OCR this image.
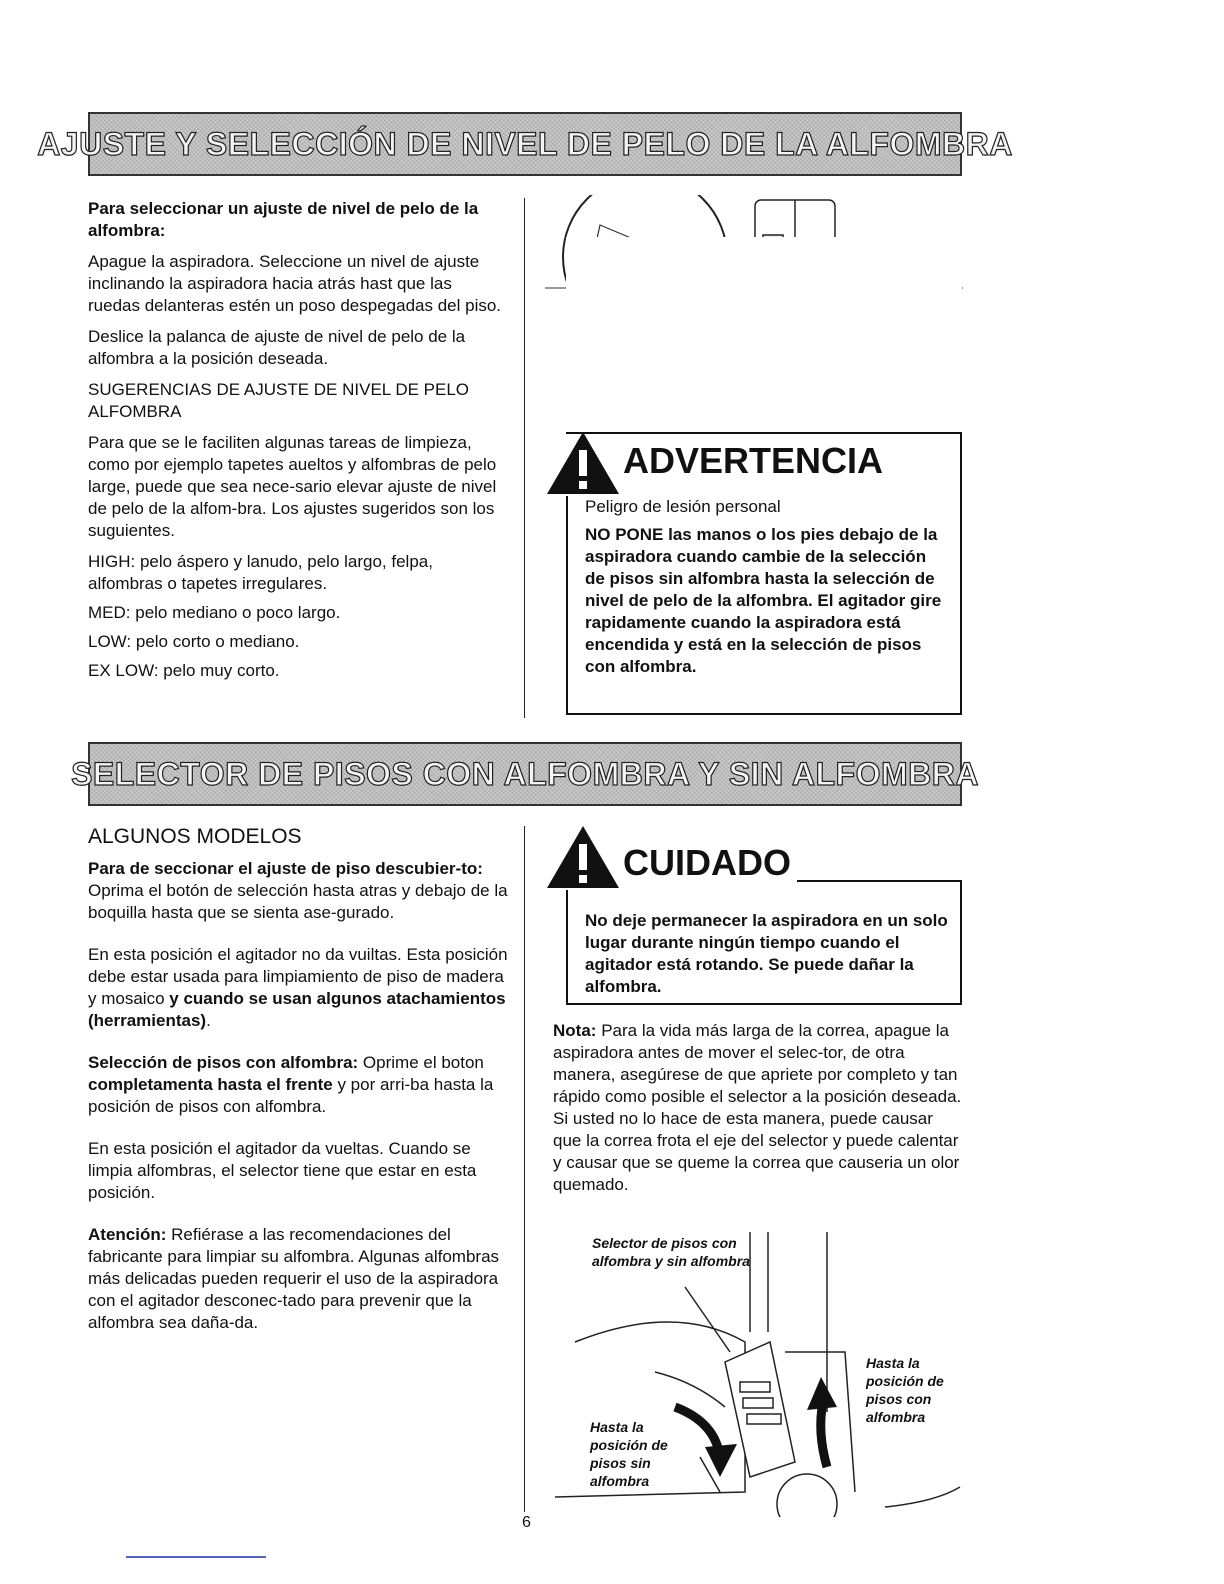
AJUSTE Y SELECCIÓN DE NIVEL DE PELO DE LA ALFOMBRA

Para seleccionar un ajuste de nivel de pelo de la alfombra:

Apague la aspiradora. Seleccione un nivel de ajuste inclinando la aspiradora hacia atrás hast que las ruedas delanteras estén un poso despegadas del piso.

Deslice la palanca de ajuste de nivel de pelo de la alfombra a la posición deseada.

SUGERENCIAS DE AJUSTE DE NIVEL DE PELO ALFOMBRA

Para que se le faciliten algunas tareas de limpieza, como por ejemplo tapetes aueltos y alfombras de pelo large, puede que sea nece-sario elevar ajuste de nivel de pelo de la alfom-bra. Los ajustes sugeridos son los suguientes.

HIGH: pelo áspero y lanudo, pelo largo, felpa, alfombras o tapetes irregulares.

MED: pelo mediano o poco largo.

LOW: pelo corto o mediano.

EX LOW: pelo muy corto.

ADVERTENCIA

Peligro de lesión personal

NO PONE las manos o los pies debajo de la aspiradora cuando cambie de la selección de pisos sin alfombra hasta la selección de nivel de pelo de la alfombra. El agitador gire rapidamente cuando la aspiradora está encendida y está en la selección de pisos con alfombra.

SELECTOR DE PISOS CON ALFOMBRA Y SIN ALFOMBRA

ALGUNOS MODELOS

Para de seccionar el ajuste de piso descubier-to: Oprima el botón de selección hasta atras y debajo de la boquilla hasta que se sienta ase-gurado.

En esta posición el agitador no da vuiltas. Esta posición debe estar usada para limpiamiento de piso de madera y mosaico y cuando se usan algunos atachamientos (herramientas).

Selección de pisos con alfombra: Oprime el boton completamenta hasta el frente y por arri-ba hasta la posición de pisos con alfombra.

En esta posición el agitador da vueltas. Cuando se limpia alfombras, el selector tiene que estar en esta posición.

Atención: Refiérase a las recomendaciones del fabricante para limpiar su alfombra. Algunas alfombras más delicadas pueden requerir el uso de la aspiradora con el agitador desconec-tado para prevenir que la alfombra sea daña-da.

CUIDADO

No deje permanecer la aspiradora en un solo lugar durante ningún tiempo cuando el agitador está rotando. Se puede dañar la alfombra.

Nota: Para la vida más larga de la correa, apague la aspiradora antes de mover el selec-tor, de otra manera, asegúrese de que apriete por completo y tan rápido como posible el selector a la posición deseada. Si usted no lo hace de esta manera, puede causar que la correa frota el eje del selector y puede calentar y causar que se queme la correa que causeria un olor quemado.

Selector de pisos con alfombra y sin alfombra
Hasta la posición de pisos con alfombra
Hasta la posición de pisos sin alfombra
6
